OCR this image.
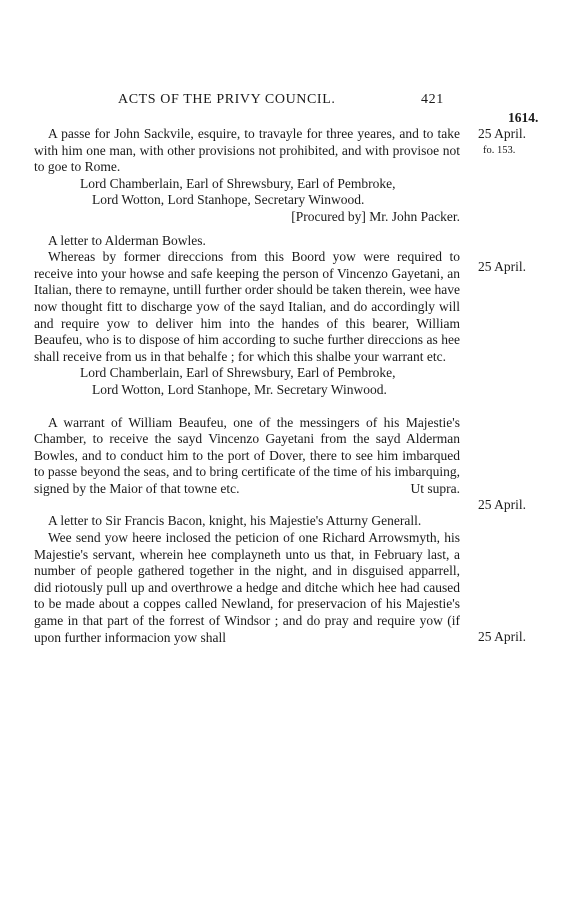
ACTS OF THE PRIVY COUNCIL.	421
1614.
25 April.
fo. 153.
25 April.
25 April.
25 April.

A passe for John Sackvile, esquire, to travayle for three yeares, and to take with him one man, with other provisions not prohibited, and with provisoe not to goe to Rome.

Lord Chamberlain, Earl of Shrewsbury, Earl of Pembroke,
Lord Wotton, Lord Stanhope, Secretary Winwood.

[Procured by] Mr. John Packer.

A letter to Alderman Bowles.

Whereas by former direccions from this Boord yow were required to receive into your howse and safe keeping the person of Vincenzo Gayetani, an Italian, there to remayne, untill further order should be taken therein, wee have now thought fitt to discharge yow of the sayd Italian, and do accordingly will and require yow to deliver him into the handes of this bearer, William Beaufeu, who is to dispose of him according to suche further direccions as hee shall receive from us in that behalfe ; for which this shalbe your warrant etc.

Lord Chamberlain, Earl of Shrewsbury, Earl of Pembroke,
Lord Wotton, Lord Stanhope, Mr. Secretary Winwood.

A warrant of William Beaufeu, one of the messingers of his Majestie's Chamber, to receive the sayd Vincenzo Gayetani from the sayd Alderman Bowles, and to conduct him to the port of Dover, there to see him imbarqued to passe beyond the seas, and to bring certificate of the time of his imbarquing, signed by the Maior of that towne etc.	Ut supra.

A letter to Sir Francis Bacon, knight, his Majestie's Atturny Generall.

Wee send yow heere inclosed the peticion of one Richard Arrowsmyth, his Majestie's servant, wherein hee complayneth unto us that, in February last, a number of people gathered together in the night, and in disguised apparrell, did riotously pull up and overthrowe a hedge and ditche which hee had caused to be made about a coppes called Newland, for preservacion of his Majestie's game in that part of the forrest of Windsor ; and do pray and require yow (if upon further informacion yow shall
